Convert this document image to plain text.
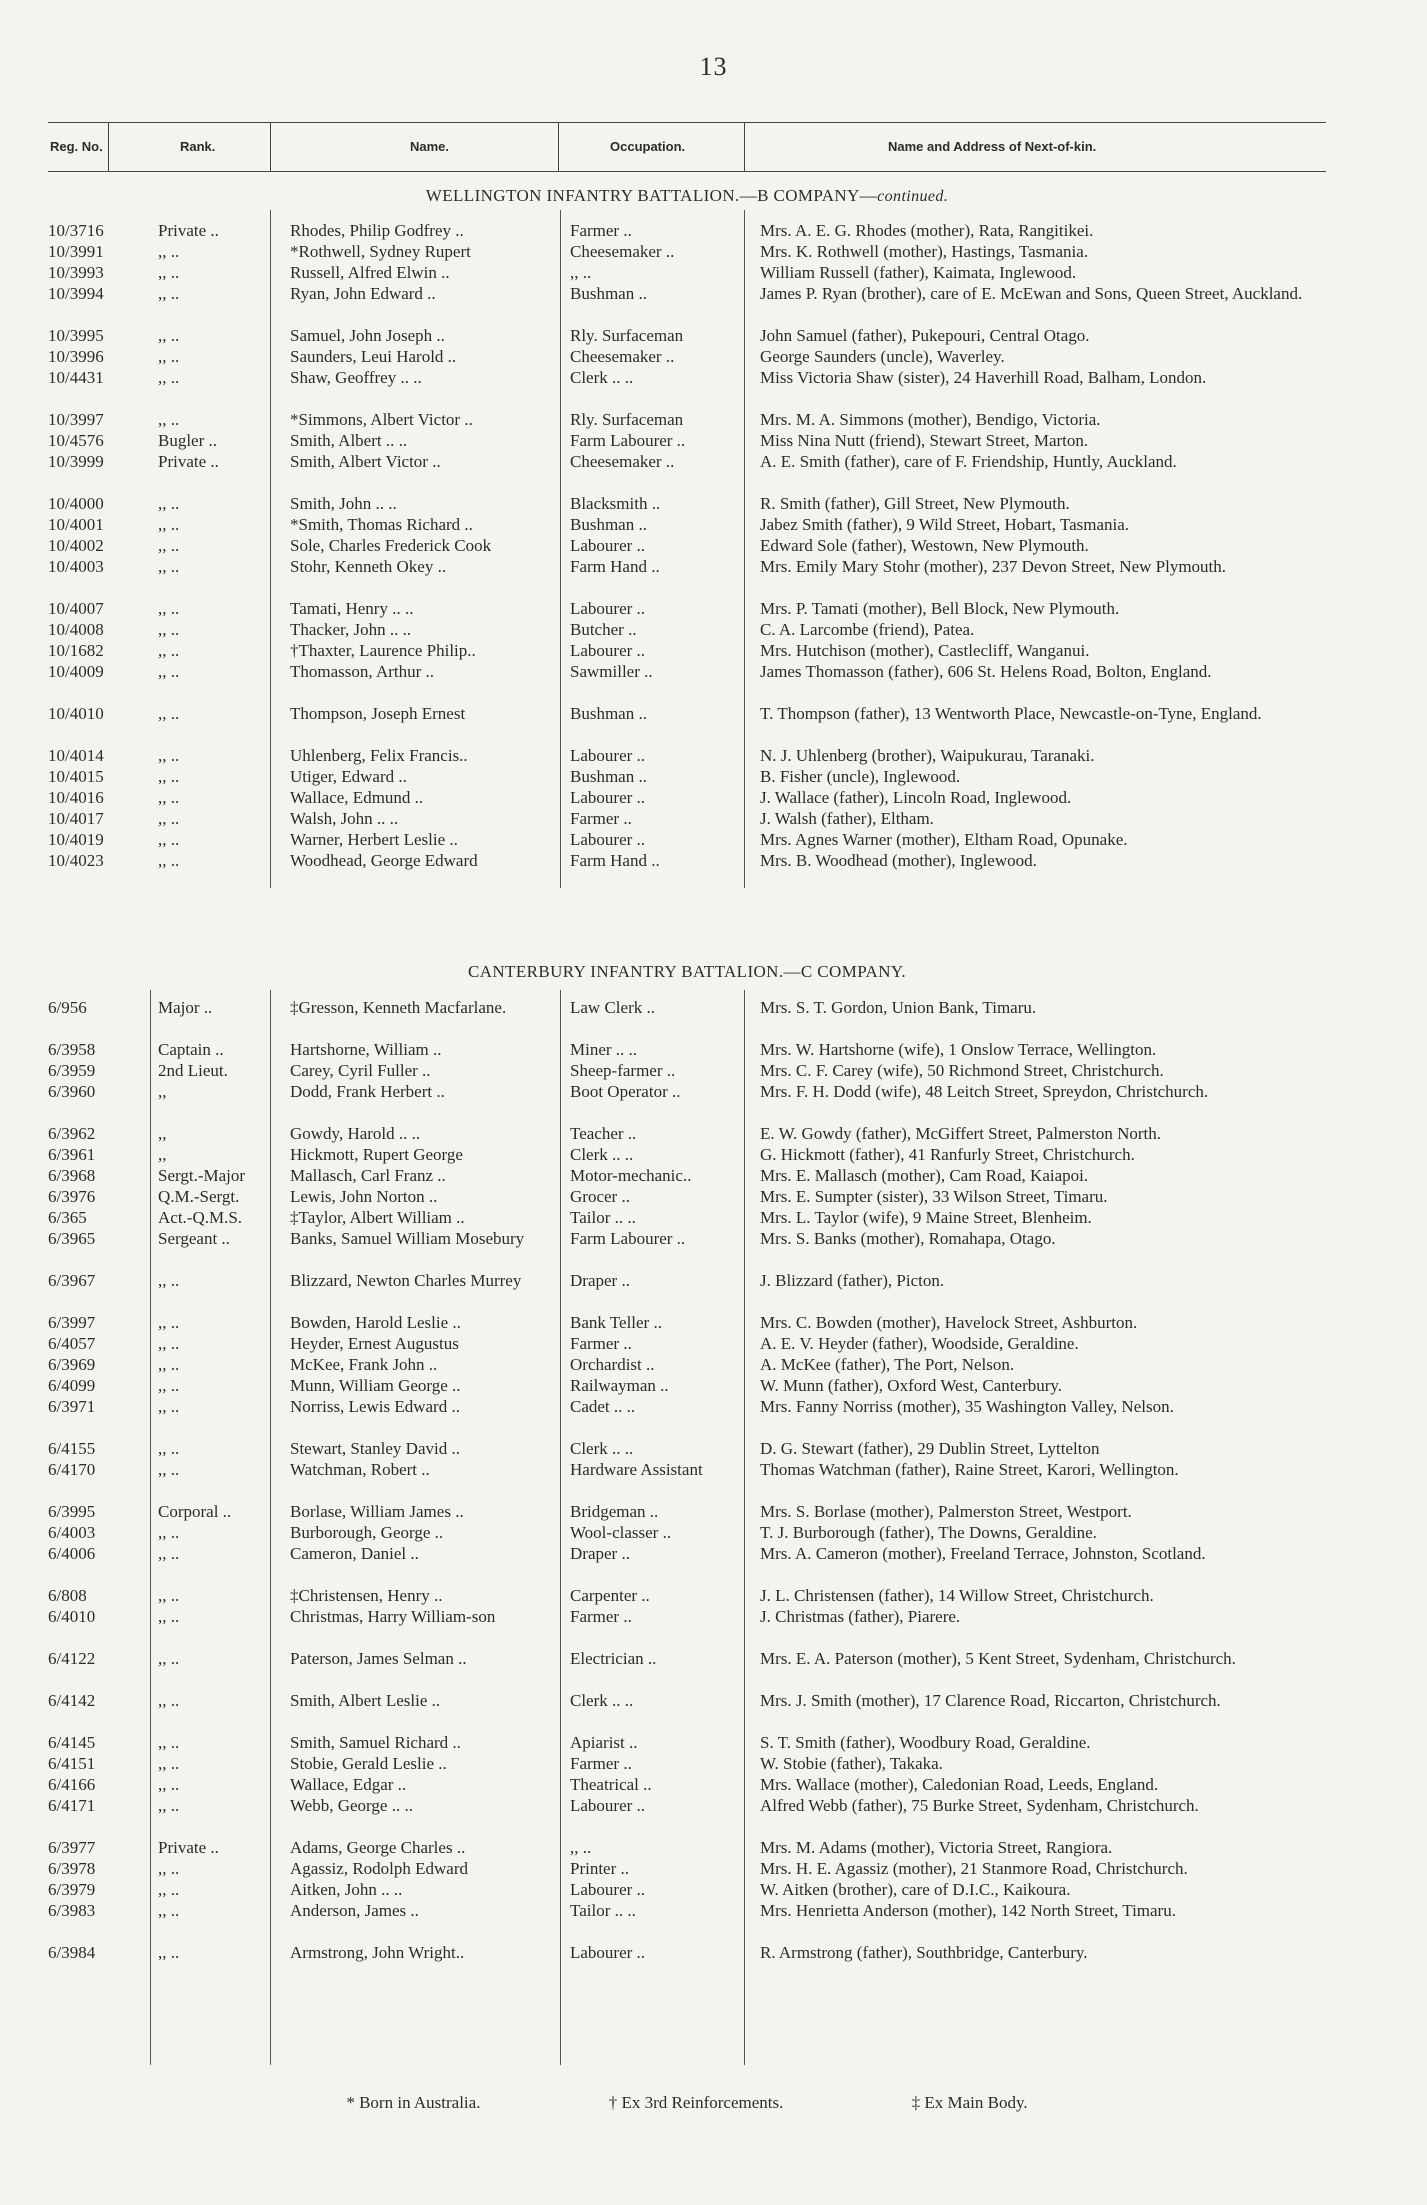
13
Reg. No.	Rank.	Name.	Occupation.	Name and Address of Next-of-kin.
WELLINGTON INFANTRY BATTALION.—B COMPANY—continued.
10/3716	Private ..	Rhodes, Philip Godfrey ..	Farmer ..	Mrs. A. E. G. Rhodes (mother), Rata, Rangitikei.
10/3991	,, ..	*Rothwell, Sydney Rupert	Cheesemaker ..	Mrs. K. Rothwell (mother), Hastings, Tasmania.
10/3993	,, ..	Russell, Alfred Elwin ..	,, ..	William Russell (father), Kaimata, Inglewood.
10/3994	,, ..	Ryan, John Edward ..	Bushman ..	James P. Ryan (brother), care of E. McEwan and Sons, Queen Street, Auckland.
10/3995	,, ..	Samuel, John Joseph ..	Rly. Surfaceman	John Samuel (father), Pukepouri, Central Otago.
10/3996	,, ..	Saunders, Leui Harold ..	Cheesemaker ..	George Saunders (uncle), Waverley.
10/4431	,, ..	Shaw, Geoffrey .. ..	Clerk .. ..	Miss Victoria Shaw (sister), 24 Haverhill Road, Balham, London.
10/3997	,, ..	*Simmons, Albert Victor ..	Rly. Surfaceman	Mrs. M. A. Simmons (mother), Bendigo, Victoria.
10/4576	Bugler ..	Smith, Albert .. ..	Farm Labourer ..	Miss Nina Nutt (friend), Stewart Street, Marton.
10/3999	Private ..	Smith, Albert Victor ..	Cheesemaker ..	A. E. Smith (father), care of F. Friendship, Huntly, Auckland.
10/4000	,, ..	Smith, John .. ..	Blacksmith ..	R. Smith (father), Gill Street, New Plymouth.
10/4001	,, ..	*Smith, Thomas Richard ..	Bushman ..	Jabez Smith (father), 9 Wild Street, Hobart, Tasmania.
10/4002	,, ..	Sole, Charles Frederick Cook	Labourer ..	Edward Sole (father), Westown, New Plymouth.
10/4003	,, ..	Stohr, Kenneth Okey ..	Farm Hand ..	Mrs. Emily Mary Stohr (mother), 237 Devon Street, New Plymouth.
10/4007	,, ..	Tamati, Henry .. ..	Labourer ..	Mrs. P. Tamati (mother), Bell Block, New Plymouth.
10/4008	,, ..	Thacker, John .. ..	Butcher ..	C. A. Larcombe (friend), Patea.
10/1682	,, ..	†Thaxter, Laurence Philip..	Labourer ..	Mrs. Hutchison (mother), Castlecliff, Wanganui.
10/4009	,, ..	Thomasson, Arthur ..	Sawmiller ..	James Thomasson (father), 606 St. Helens Road, Bolton, England.
10/4010	,, ..	Thompson, Joseph Ernest	Bushman ..	T. Thompson (father), 13 Wentworth Place, Newcastle-on-Tyne, England.
10/4014	,, ..	Uhlenberg, Felix Francis..	Labourer ..	N. J. Uhlenberg (brother), Waipukurau, Taranaki.
10/4015	,, ..	Utiger, Edward ..	Bushman ..	B. Fisher (uncle), Inglewood.
10/4016	,, ..	Wallace, Edmund ..	Labourer ..	J. Wallace (father), Lincoln Road, Inglewood.
10/4017	,, ..	Walsh, John .. ..	Farmer ..	J. Walsh (father), Eltham.
10/4019	,, ..	Warner, Herbert Leslie ..	Labourer ..	Mrs. Agnes Warner (mother), Eltham Road, Opunake.
10/4023	,, ..	Woodhead, George Edward	Farm Hand ..	Mrs. B. Woodhead (mother), Inglewood.
CANTERBURY INFANTRY BATTALION.—C COMPANY.
6/956	Major ..	‡Gresson, Kenneth Macfarlane.	Law Clerk ..	Mrs. S. T. Gordon, Union Bank, Timaru.
6/3958	Captain ..	Hartshorne, William ..	Miner .. ..	Mrs. W. Hartshorne (wife), 1 Onslow Terrace, Wellington.
6/3959	2nd Lieut.	Carey, Cyril Fuller ..	Sheep-farmer ..	Mrs. C. F. Carey (wife), 50 Richmond Street, Christchurch.
6/3960	,,	Dodd, Frank Herbert ..	Boot Operator ..	Mrs. F. H. Dodd (wife), 48 Leitch Street, Spreydon, Christchurch.
6/3962	,,	Gowdy, Harold .. ..	Teacher ..	E. W. Gowdy (father), McGiffert Street, Palmerston North.
6/3961	,,	Hickmott, Rupert George	Clerk .. ..	G. Hickmott (father), 41 Ranfurly Street, Christchurch.
6/3968	Sergt.-Major	Mallasch, Carl Franz ..	Motor-mechanic..	Mrs. E. Mallasch (mother), Cam Road, Kaiapoi.
6/3976	Q.M.-Sergt.	Lewis, John Norton ..	Grocer ..	Mrs. E. Sumpter (sister), 33 Wilson Street, Timaru.
6/365	Act.-Q.M.S.	‡Taylor, Albert William ..	Tailor .. ..	Mrs. L. Taylor (wife), 9 Maine Street, Blenheim.
6/3965	Sergeant ..	Banks, Samuel William Mosebury	Farm Labourer ..	Mrs. S. Banks (mother), Romahapa, Otago.
6/3967	,, ..	Blizzard, Newton Charles Murrey	Draper ..	J. Blizzard (father), Picton.
6/3997	,, ..	Bowden, Harold Leslie ..	Bank Teller ..	Mrs. C. Bowden (mother), Havelock Street, Ashburton.
6/4057	,, ..	Heyder, Ernest Augustus	Farmer ..	A. E. V. Heyder (father), Woodside, Geraldine.
6/3969	,, ..	McKee, Frank John ..	Orchardist ..	A. McKee (father), The Port, Nelson.
6/4099	,, ..	Munn, William George ..	Railwayman ..	W. Munn (father), Oxford West, Canterbury.
6/3971	,, ..	Norriss, Lewis Edward ..	Cadet .. ..	Mrs. Fanny Norriss (mother), 35 Washington Valley, Nelson.
6/4155	,, ..	Stewart, Stanley David ..	Clerk .. ..	D. G. Stewart (father), 29 Dublin Street, Lyttelton
6/4170	,, ..	Watchman, Robert ..	Hardware Assistant	Thomas Watchman (father), Raine Street, Karori, Wellington.
6/3995	Corporal ..	Borlase, William James ..	Bridgeman ..	Mrs. S. Borlase (mother), Palmerston Street, Westport.
6/4003	,, ..	Burborough, George ..	Wool-classer ..	T. J. Burborough (father), The Downs, Geraldine.
6/4006	,, ..	Cameron, Daniel ..	Draper ..	Mrs. A. Cameron (mother), Freeland Terrace, Johnston, Scotland.
6/808	,, ..	‡Christensen, Henry ..	Carpenter ..	J. L. Christensen (father), 14 Willow Street, Christchurch.
6/4010	,, ..	Christmas, Harry William-son	Farmer ..	J. Christmas (father), Piarere.
6/4122	,, ..	Paterson, James Selman ..	Electrician ..	Mrs. E. A. Paterson (mother), 5 Kent Street, Sydenham, Christchurch.
6/4142	,, ..	Smith, Albert Leslie ..	Clerk .. ..	Mrs. J. Smith (mother), 17 Clarence Road, Riccarton, Christchurch.
6/4145	,, ..	Smith, Samuel Richard ..	Apiarist ..	S. T. Smith (father), Woodbury Road, Geraldine.
6/4151	,, ..	Stobie, Gerald Leslie ..	Farmer ..	W. Stobie (father), Takaka.
6/4166	,, ..	Wallace, Edgar ..	Theatrical ..	Mrs. Wallace (mother), Caledonian Road, Leeds, England.
6/4171	,, ..	Webb, George .. ..	Labourer ..	Alfred Webb (father), 75 Burke Street, Sydenham, Christchurch.
6/3977	Private ..	Adams, George Charles ..	,, ..	Mrs. M. Adams (mother), Victoria Street, Rangiora.
6/3978	,, ..	Agassiz, Rodolph Edward	Printer ..	Mrs. H. E. Agassiz (mother), 21 Stanmore Road, Christchurch.
6/3979	,, ..	Aitken, John .. ..	Labourer ..	W. Aitken (brother), care of D.I.C., Kaikoura.
6/3983	,, ..	Anderson, James ..	Tailor .. ..	Mrs. Henrietta Anderson (mother), 142 North Street, Timaru.
6/3984	,, ..	Armstrong, John Wright..	Labourer ..	R. Armstrong (father), Southbridge, Canterbury.
* Born in Australia.	† Ex 3rd Reinforcements.	‡ Ex Main Body.
